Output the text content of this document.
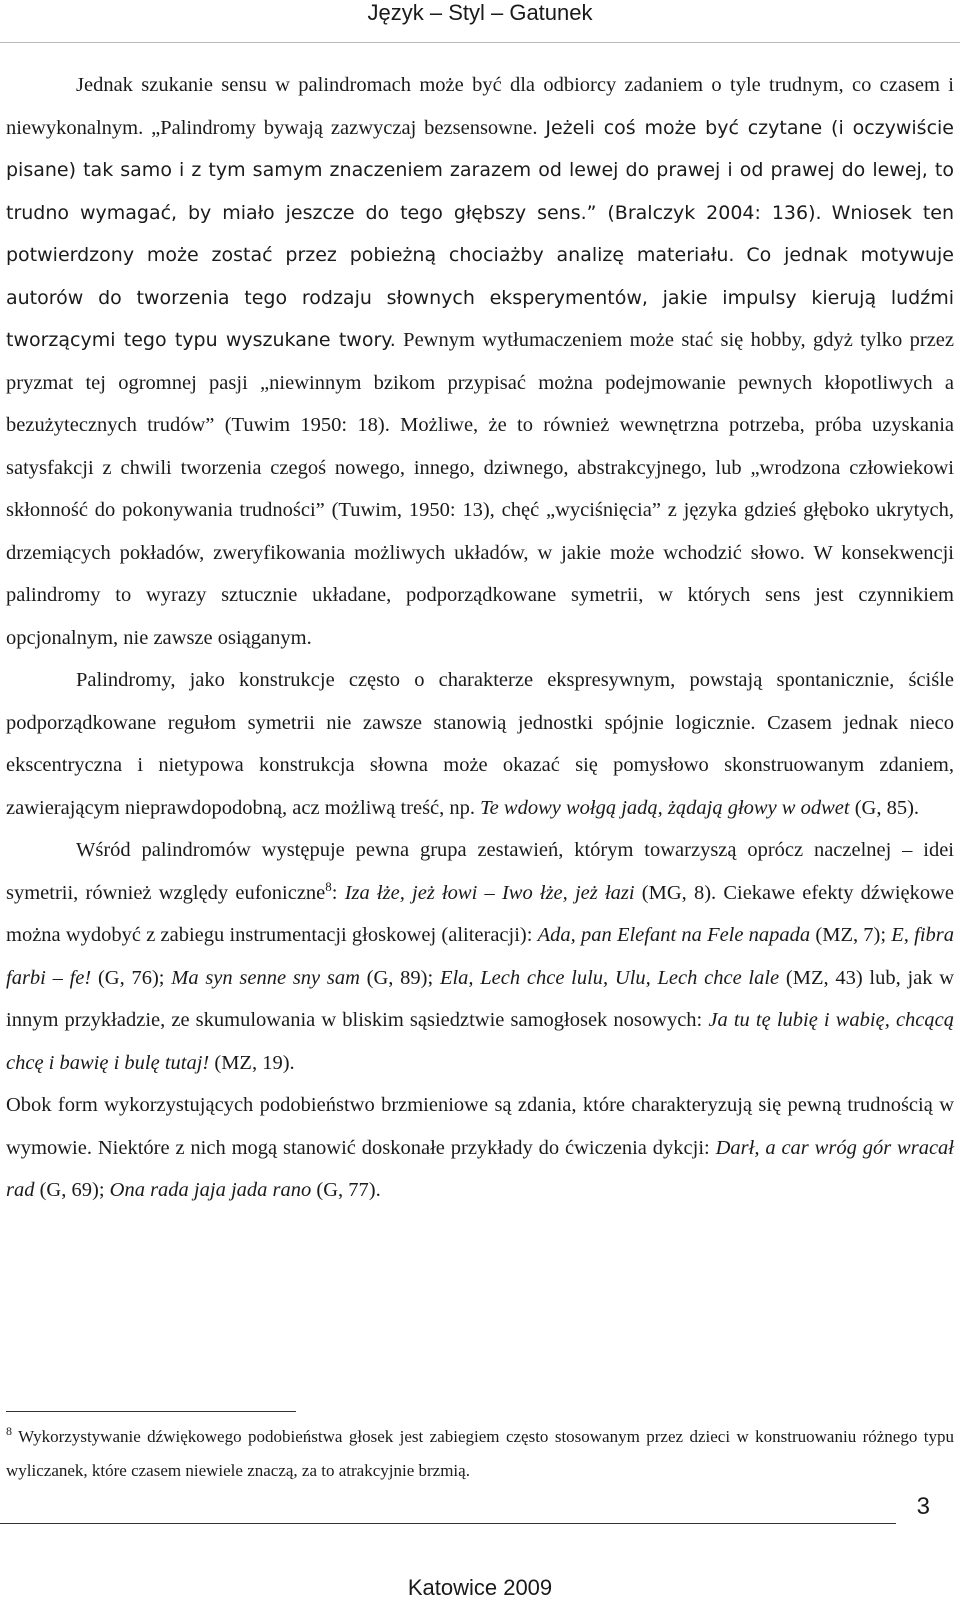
Język – Styl – Gatunek

Jednak szukanie sensu w palindromach może być dla odbiorcy zadaniem o tyle trudnym, co czasem i niewykonalnym. „Palindromy bywają zazwyczaj bezsensowne. Jeżeli coś może być czytane (i oczywiście pisane) tak samo i z tym samym znaczeniem zarazem od lewej do prawej i od prawej do lewej, to trudno wymagać, by miało jeszcze do tego głębszy sens.” (Bralczyk 2004: 136). Wniosek ten potwierdzony może zostać przez pobieżną chociażby analizę materiału. Co jednak motywuje autorów do tworzenia tego rodzaju słownych eksperymentów, jakie impulsy kierują ludźmi tworzącymi tego typu wyszukane twory. Pewnym wytłumaczeniem może stać się hobby, gdyż tylko przez pryzmat tej ogromnej pasji „niewinnym bzikom przypisać można podejmowanie pewnych kłopotliwych a bezużytecznych trudów” (Tuwim 1950: 18). Możliwe, że to również wewnętrzna potrzeba, próba uzyskania satysfakcji z chwili tworzenia czegoś nowego, innego, dziwnego, abstrakcyjnego, lub „wrodzona człowiekowi skłonność do pokonywania trudności” (Tuwim, 1950: 13), chęć „wyciśnięcia” z języka gdzieś głęboko ukrytych, drzemiących pokładów, zweryfikowania możliwych układów, w jakie może wchodzić słowo. W konsekwencji palindromy to wyrazy sztucznie układane, podporządkowane symetrii, w których sens jest czynnikiem opcjonalnym, nie zawsze osiąganym.

Palindromy, jako konstrukcje często o charakterze ekspresywnym, powstają spontanicznie, ściśle podporządkowane regułom symetrii nie zawsze stanowią jednostki spójnie logicznie. Czasem jednak nieco ekscentryczna i nietypowa konstrukcja słowna może okazać się pomysłowo skonstruowanym zdaniem, zawierającym nieprawdopodobną, acz możliwą treść, np. Te wdowy wołgą jadą, żądają głowy w odwet (G, 85).

Wśród palindromów występuje pewna grupa zestawień, którym towarzyszą oprócz naczelnej – idei symetrii, również względy eufoniczne$^8$: Iza łże, jeż łowi – Iwo łże, jeż łazi (MG, 8). Ciekawe efekty dźwiękowe można wydobyć z zabiegu instrumentacji głoskowej (aliteracji): Ada, pan Elefant na Fele napada (MZ, 7); E, fibra farbi – fe! (G, 76); Ma syn senne sny sam (G, 89); Ela, Lech chce lulu, Ulu, Lech chce lale (MZ, 43) lub, jak w innym przykładzie, ze skumulowania w bliskim sąsiedztwie samogłosek nosowych: Ja tu tę lubię i wabię, chcącą chcę i bawię i bulę tutaj! (MZ, 19).

Obok form wykorzystujących podobieństwo brzmieniowe są zdania, które charakteryzują się pewną trudnością w wymowie. Niektóre z nich mogą stanowić doskonałe przykłady do ćwiczenia dykcji: Darł, a car wróg gór wracał rad (G, 69); Ona rada jaja jada rano (G, 77).

$^8$ Wykorzystywanie dźwiękowego podobieństwa głosek jest zabiegiem często stosowanym przez dzieci w konstruowaniu różnego typu wyliczanek, które czasem niewiele znaczą, za to atrakcyjnie brzmią.
3
Katowice 2009
